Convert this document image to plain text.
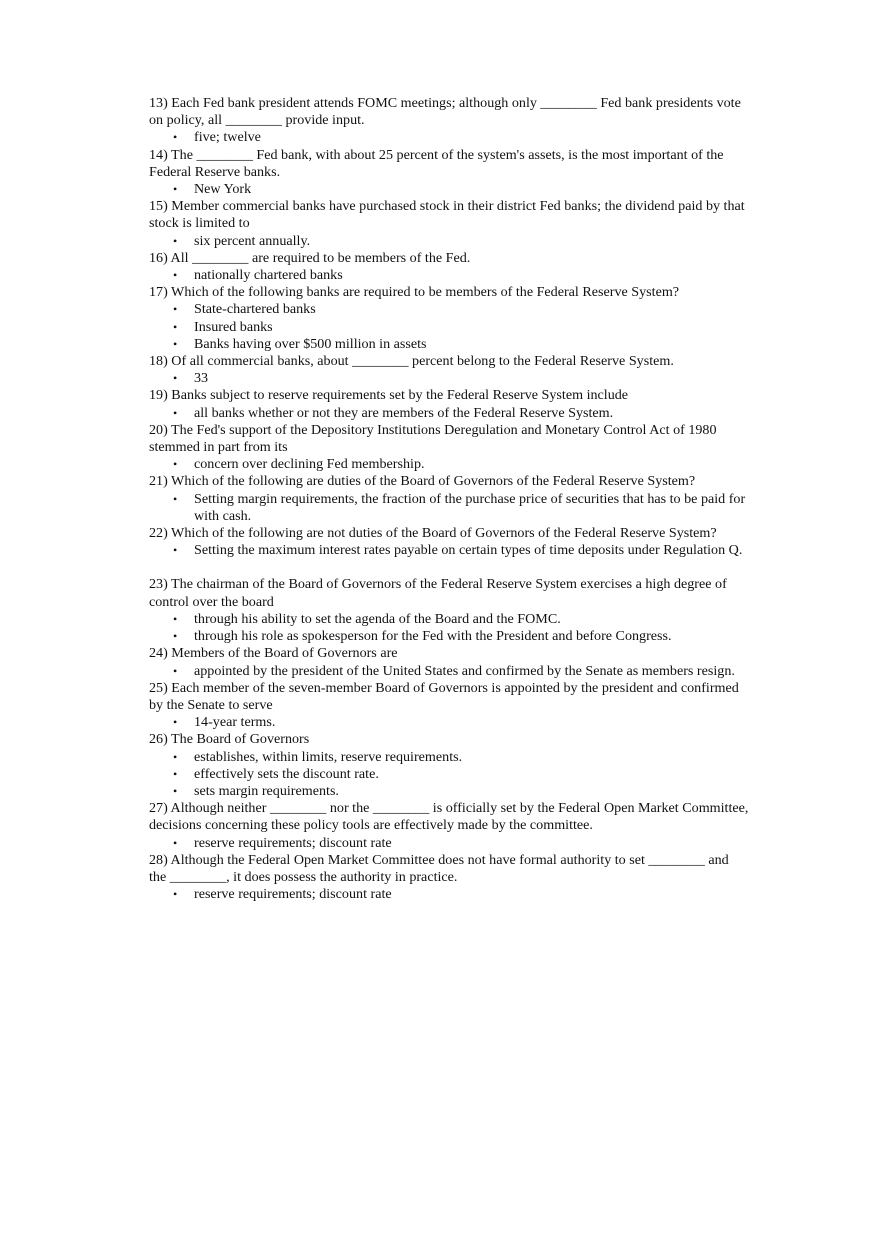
13) Each Fed bank president attends FOMC meetings; although only ________ Fed bank presidents vote on policy, all ________ provide input.

• five; twelve

14) The ________ Fed bank, with about 25 percent of the system's assets, is the most important of the Federal Reserve banks.

• New York

15) Member commercial banks have purchased stock in their district Fed banks; the dividend paid by that stock is limited to

• six percent annually.

16) All ________ are required to be members of the Fed.

• nationally chartered banks

17) Which of the following banks are required to be members of the Federal Reserve System?

• State-chartered banks
• Insured banks
• Banks having over $500 million in assets

18) Of all commercial banks, about ________ percent belong to the Federal Reserve System.

• 33

19) Banks subject to reserve requirements set by the Federal Reserve System include

• all banks whether or not they are members of the Federal Reserve System.

20) The Fed's support of the Depository Institutions Deregulation and Monetary Control Act of 1980 stemmed in part from its

• concern over declining Fed membership.

21) Which of the following are duties of the Board of Governors of the Federal Reserve System?

• Setting margin requirements, the fraction of the purchase price of securities that has to be paid for with cash.

22) Which of the following are not duties of the Board of Governors of the Federal Reserve System?

• Setting the maximum interest rates payable on certain types of time deposits under Regulation Q.

23) The chairman of the Board of Governors of the Federal Reserve System exercises a high degree of control over the board

• through his ability to set the agenda of the Board and the FOMC.
• through his role as spokesperson for the Fed with the President and before Congress.

24) Members of the Board of Governors are

• appointed by the president of the United States and confirmed by the Senate as members resign.

25) Each member of the seven-member Board of Governors is appointed by the president and confirmed by the Senate to serve

• 14-year terms.

26) The Board of Governors

• establishes, within limits, reserve requirements.
• effectively sets the discount rate.
• sets margin requirements.

27) Although neither ________ nor the ________ is officially set by the Federal Open Market Committee, decisions concerning these policy tools are effectively made by the committee.

• reserve requirements; discount rate

28) Although the Federal Open Market Committee does not have formal authority to set ________ and the ________, it does possess the authority in practice.

• reserve requirements; discount rate
